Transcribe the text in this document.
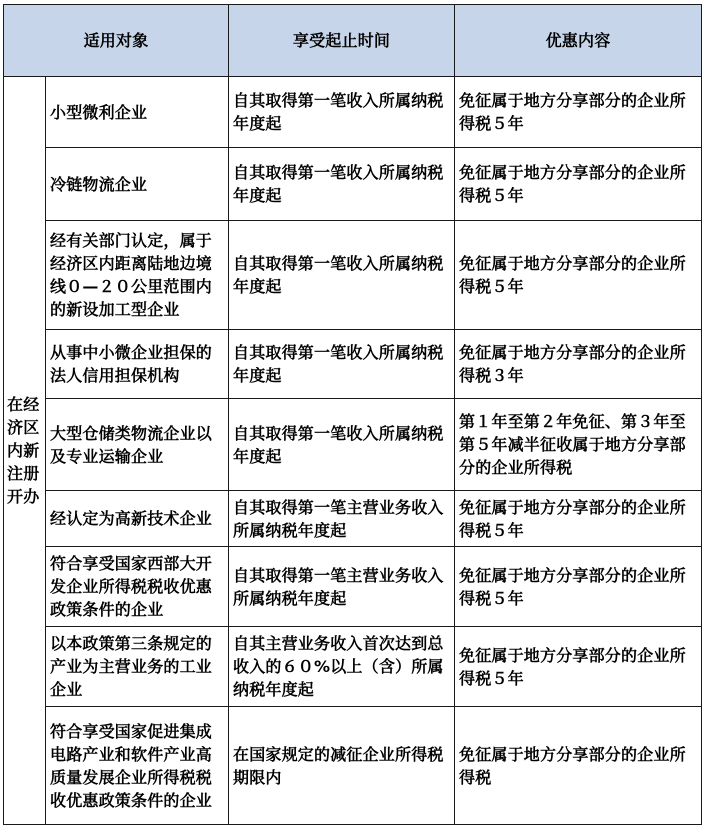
适用对象		享受起止时间	优惠内容
在经济区内新注册开办	小型微利企业	自其取得第一笔收入所属纳税年度起	免征属于地方分享部分的企业所得税５年
	冷链物流企业	自其取得第一笔收入所属纳税年度起	免征属于地方分享部分的企业所得税５年
	经有关部门认定，属于经济区内距离陆地边境线０—２０公里范围内的新设加工型企业	自其取得第一笔收入所属纳税年度起	免征属于地方分享部分的企业所得税５年
	从事中小微企业担保的法人信用担保机构	自其取得第一笔收入所属纳税年度起	免征属于地方分享部分的企业所得税３年
	大型仓储类物流企业以及专业运输企业	自其取得第一笔收入所属纳税年度起	第１年至第２年免征、第３年至第５年减半征收属于地方分享部分的企业所得税
	经认定为高新技术企业	自其取得第一笔主营业务收入所属纳税年度起	免征属于地方分享部分的企业所得税５年
	符合享受国家西部大开发企业所得税税收优惠政策条件的企业	自其取得第一笔主营业务收入所属纳税年度起	免征属于地方分享部分的企业所得税５年
	以本政策第三条规定的产业为主营业务的工业企业	自其主营业务收入首次达到总收入的６０%以上（含）所属纳税年度起	免征属于地方分享部分的企业所得税５年
	符合享受国家促进集成电路产业和软件产业高质量发展企业所得税税收优惠政策条件的企业	在国家规定的减征企业所得税期限内	免征属于地方分享部分的企业所得税
